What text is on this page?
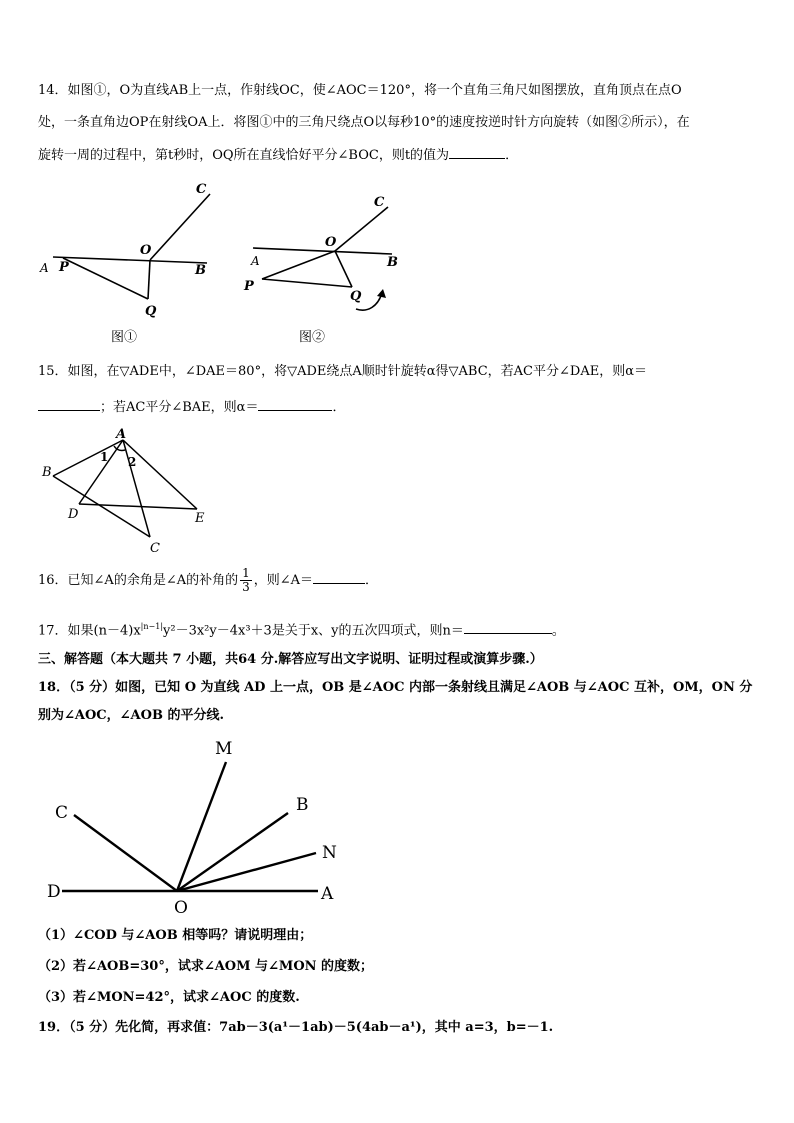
14．如图①，O为直线AB上一点，作射线OC，使∠AOC＝120°，将一个直角三角尺如图摆放，直角顶点在点O
处，一条直角边OP在射线OA上．将图①中的三角尺绕点O以每秒10°的速度按逆时针方向旋转（如图②所示），在
旋转一周的过程中，第t秒时，OQ所在直线恰好平分∠BOC，则t的值为	．
C
O
A P	B
Q
图①
C
O
A	B
P
Q
图②
15．如图，在▽ADE中，∠DAE＝80°，将▽ADE绕点A顺时针旋转α得▽ABC，若AC平分∠DAE，则α＝
；若AC平分∠BAE，则α＝	．
A
B
D	E
C
1 2
16．已知∠A的余角是∠A的补角的 $\frac{1}{3}$ ，则∠A＝	．
17．如果$(n-4)x^{|n-1|}y^2-3x^2y-4x^3+3$是关于x、y的五次四项式，则n＝	。
三、解答题（本大题共 7 小题，共64 分.解答应写出文字说明、证明过程或演算步骤.）
18．（5 分）如图，已知 O 为直线 AD 上一点，OB 是∠AOC 内部一条射线且满足∠AOB 与∠AOC 互补，OM，ON 分
别为∠AOC，∠AOB 的平分线.
M
B
C
N
D	A
O
（1）∠COD 与∠AOB 相等吗？请说明理由；
（2）若∠AOB=30°，试求∠AOM 与∠MON 的度数；
（3）若∠MON=42°，试求∠AOC 的度数.
19．（5 分）先化简，再求值：7ab－3(a¹－1ab)－5(4ab－a¹)，其中 a=3，b=－1.
